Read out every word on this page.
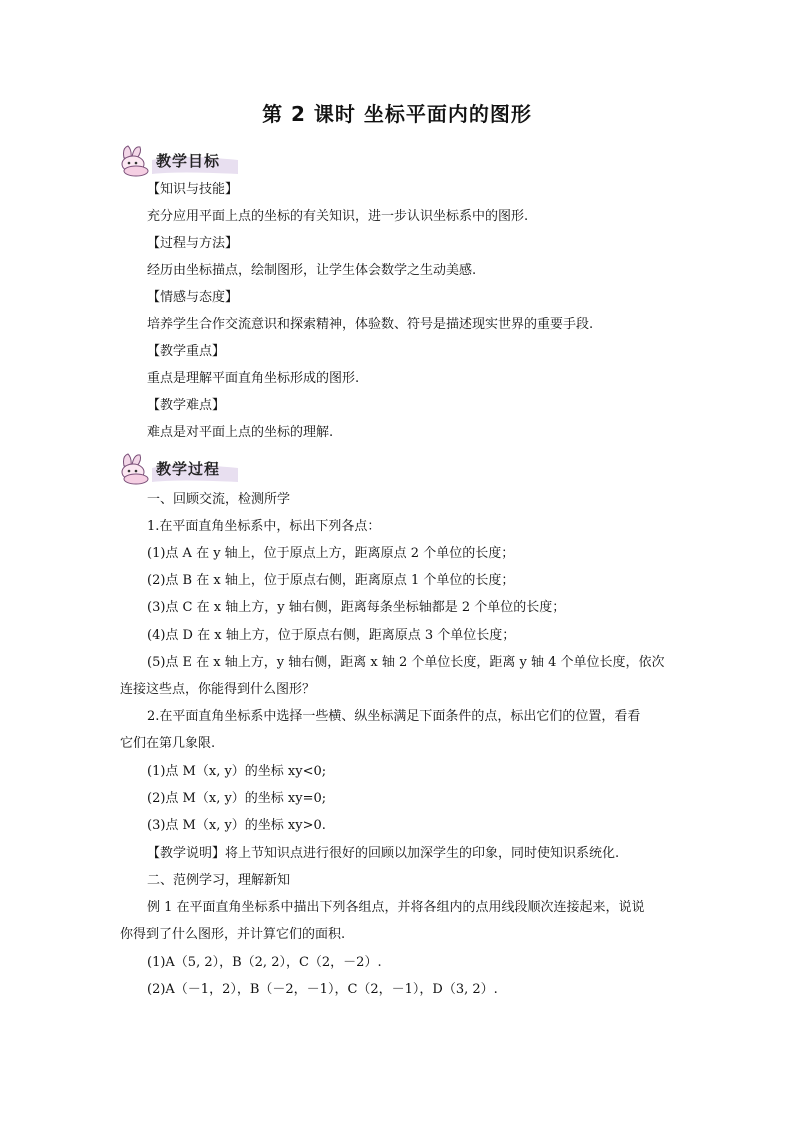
第 2 课时 坐标平面内的图形
教学目标
【知识与技能】
充分应用平面上点的坐标的有关知识，进一步认识坐标系中的图形.
【过程与方法】
经历由坐标描点，绘制图形，让学生体会数学之生动美感.
【情感与态度】
培养学生合作交流意识和探索精神，体验数、符号是描述现实世界的重要手段.
【教学重点】
重点是理解平面直角坐标形成的图形.
【教学难点】
难点是对平面上点的坐标的理解.
教学过程
一、回顾交流，检测所学
1.在平面直角坐标系中，标出下列各点：
(1)点 A 在 y 轴上，位于原点上方，距离原点 2 个单位的长度；
(2)点 B 在 x 轴上，位于原点右侧，距离原点 1 个单位的长度；
(3)点 C 在 x 轴上方，y 轴右侧，距离每条坐标轴都是 2 个单位的长度；
(4)点 D 在 x 轴上方，位于原点右侧，距离原点 3 个单位长度；
(5)点 E 在 x 轴上方，y 轴右侧，距离 x 轴 2 个单位长度，距离 y 轴 4 个单位长度，依次
连接这些点，你能得到什么图形？
2.在平面直角坐标系中选择一些横、纵坐标满足下面条件的点，标出它们的位置，看看
它们在第几象限.
(1)点 M（x, y）的坐标 xy<0;
(2)点 M（x, y）的坐标 xy=0;
(3)点 M（x, y）的坐标 xy>0.
【教学说明】将上节知识点进行很好的回顾以加深学生的印象，同时使知识系统化.
二、范例学习，理解新知
例 1 在平面直角坐标系中描出下列各组点，并将各组内的点用线段顺次连接起来，说说
你得到了什么图形，并计算它们的面积.
(1)A（5, 2），B（2, 2），C（2，－2）.
(2)A（－1，2），B（－2，－1），C（2，－1），D（3, 2）.
